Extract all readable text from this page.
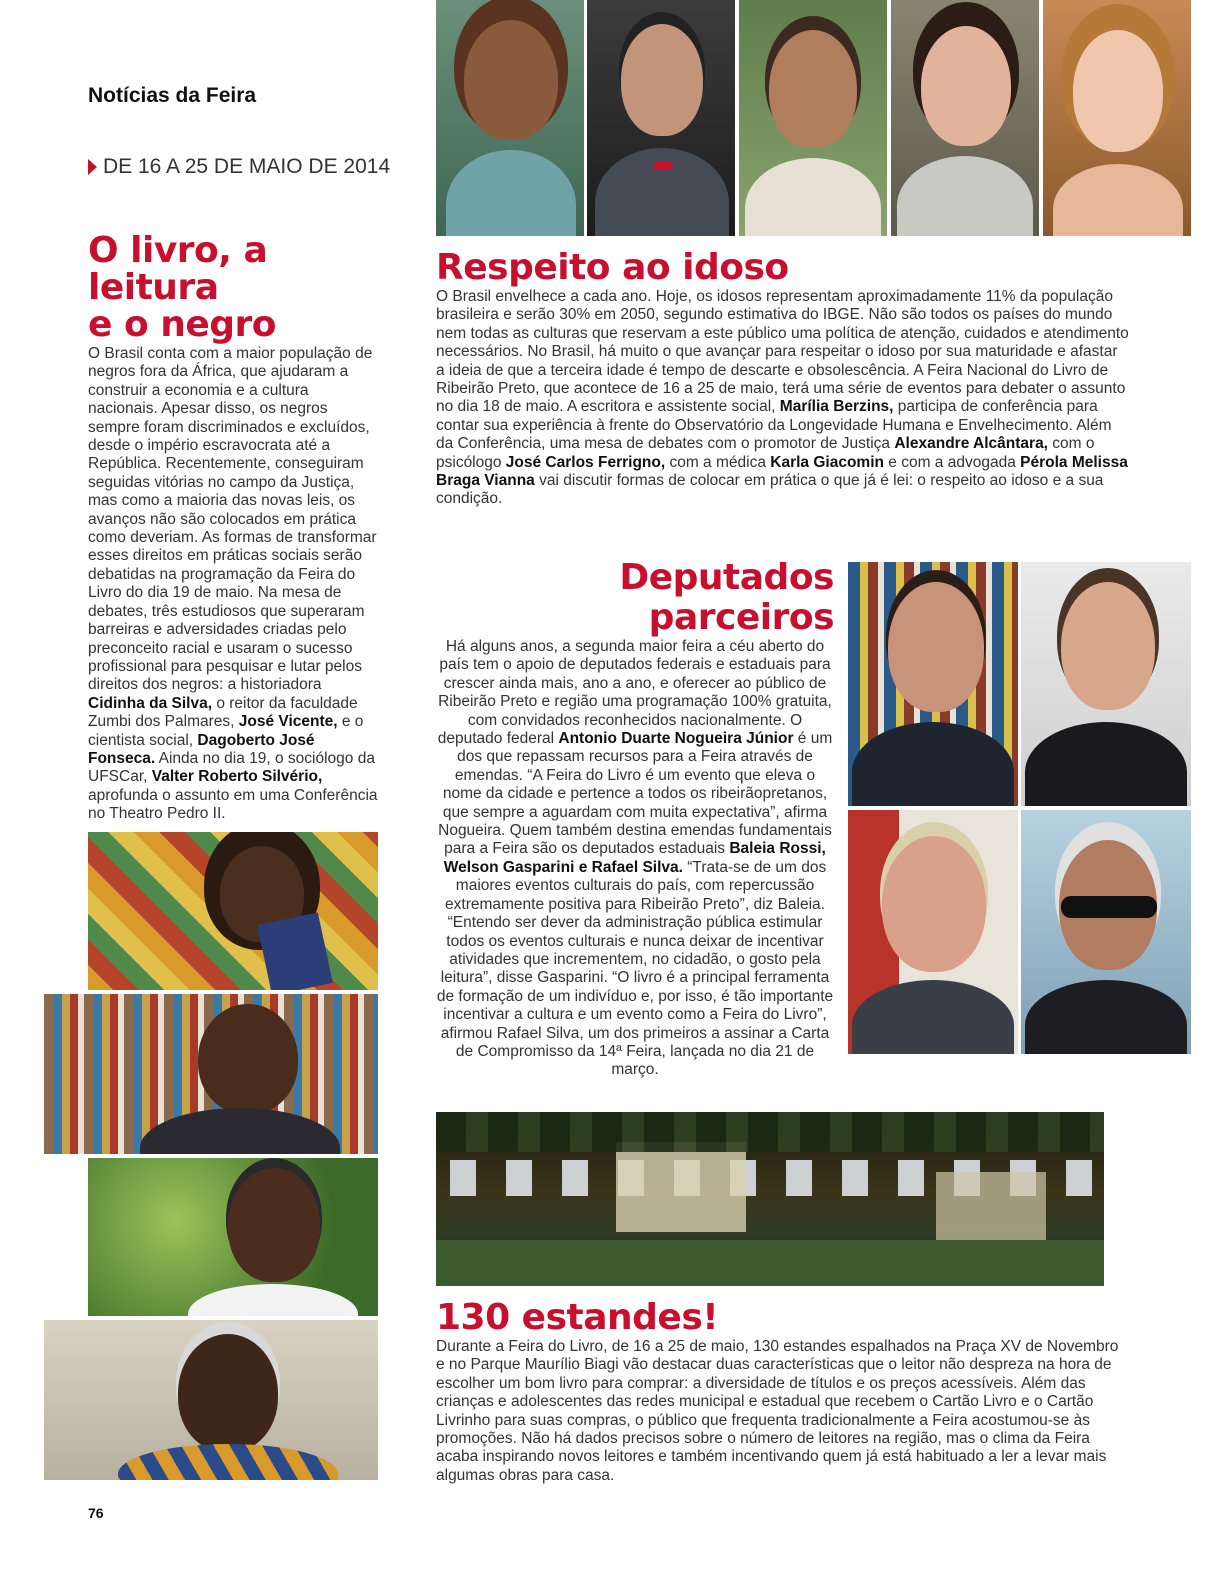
Notícias da Feira
DE 16 A 25 DE MAIO DE 2014
O livro, a leitura
e o negro

O Brasil conta com a maior população de negros fora da África, que ajudaram a construir a economia e a cultura nacionais. Apesar disso, os negros sempre foram discriminados e excluídos, desde o império escravocrata até a República. Recentemente, conseguiram seguidas vitórias no campo da Justiça, mas como a maioria das novas leis, os avanços não são colocados em prática como deveriam. As formas de transformar esses direitos em práticas sociais serão debatidas na programação da Feira do Livro do dia 19 de maio. Na mesa de debates, três estudiosos que superaram barreiras e adversidades criadas pelo preconceito racial e usaram o sucesso profissional para pesquisar e lutar pelos direitos dos negros: a historiadora Cidinha da Silva, o reitor da faculdade Zumbi dos Palmares, José Vicente, e o cientista social, Dagoberto José Fonseca. Ainda no dia 19, o sociólogo da UFSCar, Valter Roberto Silvério, aprofunda o assunto em uma Conferência no Theatro Pedro II.

Respeito ao idoso

O Brasil envelhece a cada ano. Hoje, os idosos representam aproximadamente 11% da população brasileira e serão 30% em 2050, segundo estimativa do IBGE. Não são todos os países do mundo nem todas as culturas que reservam a este público uma política de atenção, cuidados e atendimento necessários. No Brasil, há muito o que avançar para respeitar o idoso por sua maturidade e afastar a ideia de que a terceira idade é tempo de descarte e obsolescência. A Feira Nacional do Livro de Ribeirão Preto, que acontece de 16 a 25 de maio, terá uma série de eventos para debater o assunto no dia 18 de maio. A escritora e assistente social, Marília Berzins, participa de conferência para contar sua experiência à frente do Observatório da Longevidade Humana e Envelhecimento. Além da Conferência, uma mesa de debates com o promotor de Justiça Alexandre Alcântara, com o psicólogo José Carlos Ferrigno, com a médica Karla Giacomin e com a advogada Pérola Melissa Braga Vianna vai discutir formas de colocar em prática o que já é lei: o respeito ao idoso e a sua condição.

Deputados parceiros

Há alguns anos, a segunda maior feira a céu aberto do país tem o apoio de deputados federais e estaduais para crescer ainda mais, ano a ano, e oferecer ao público de Ribeirão Preto e região uma programação 100% gratuita, com convidados reconhecidos nacionalmente. O deputado federal Antonio Duarte Nogueira Júnior é um dos que repassam recursos para a Feira através de emendas. “A Feira do Livro é um evento que eleva o nome da cidade e pertence a todos os ribeirãopretanos, que sempre a aguardam com muita expectativa”, afirma Nogueira. Quem também destina emendas fundamentais para a Feira são os deputados estaduais Baleia Rossi, Welson Gasparini e Rafael Silva. “Trata-se de um dos maiores eventos culturais do país, com repercussão extremamente positiva para Ribeirão Preto”, diz Baleia. “Entendo ser dever da administração pública estimular todos os eventos culturais e nunca deixar de incentivar atividades que incrementem, no cidadão, o gosto pela leitura”, disse Gasparini. “O livro é a principal ferramenta de formação de um indivíduo e, por isso, é tão importante incentivar a cultura e um evento como a Feira do Livro”, afirmou Rafael Silva, um dos primeiros a assinar a Carta de Compromisso da 14ª Feira, lançada no dia 21 de março.

130 estandes!

Durante a Feira do Livro, de 16 a 25 de maio, 130 estandes espalhados na Praça XV de Novembro e no Parque Maurílio Biagi vão destacar duas características que o leitor não despreza na hora de escolher um bom livro para comprar: a diversidade de títulos e os preços acessíveis. Além das crianças e adolescentes das redes municipal e estadual que recebem o Cartão Livro e o Cartão Livrinho para suas compras, o público que frequenta tradicionalmente a Feira acostumou-se às promoções. Não há dados precisos sobre o número de leitores na região, mas o clima da Feira acaba inspirando novos leitores e também incentivando quem já está habituado a ler a levar mais algumas obras para casa.

76
